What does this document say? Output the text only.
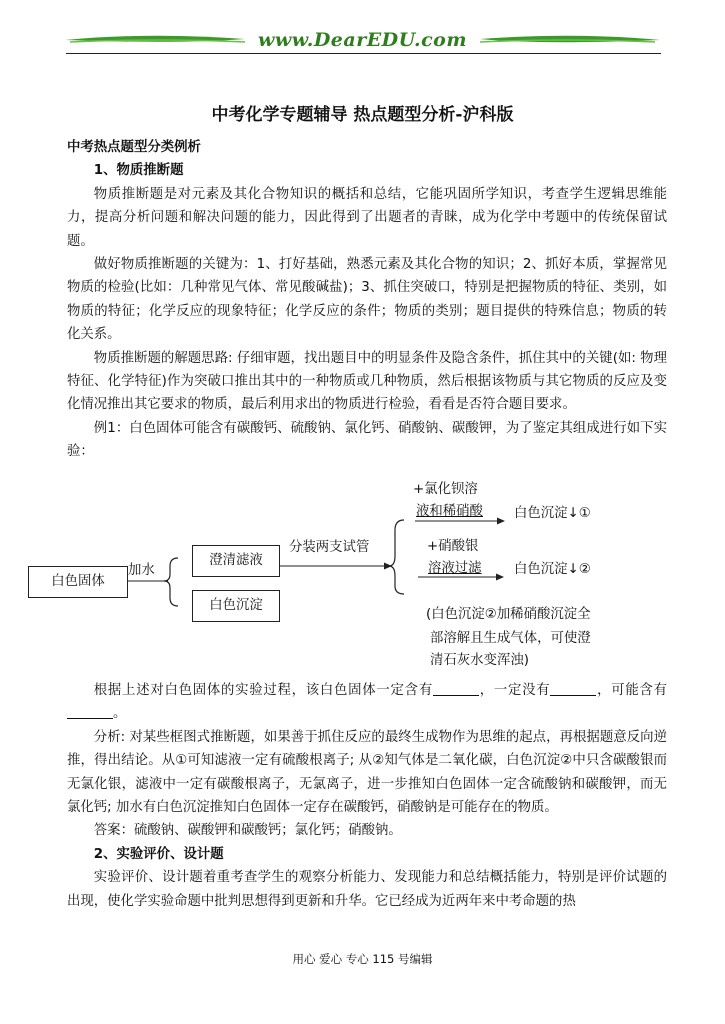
www.DearEDU.com
中考化学专题辅导 热点题型分析-沪科版

中考热点题型分类例析

1、物质推断题

物质推断题是对元素及其化合物知识的概括和总结，它能巩固所学知识，考查学生逻辑思维能力，提高分析问题和解决问题的能力，因此得到了出题者的青睐，成为化学中考题中的传统保留试题。

做好物质推断题的关键为：1、打好基础，熟悉元素及其化合物的知识；2、抓好本质，掌握常见物质的检验(比如：几种常见气体、常见酸碱盐)；3、抓住突破口，特别是把握物质的特征、类别，如物质的特征；化学反应的现象特征；化学反应的条件；物质的类别；题目提供的特殊信息；物质的转化关系。

物质推断题的解题思路: 仔细审题，找出题目中的明显条件及隐含条件，抓住其中的关键(如: 物理特征、化学特征)作为突破口推出其中的一种物质或几种物质，然后根据该物质与其它物质的反应及变化情况推出其它要求的物质，最后利用求出的物质进行检验，看看是否符合题目要求。

例1：白色固体可能含有碳酸钙、硫酸钠、氯化钙、硝酸钠、碳酸钾，为了鉴定其组成进行如下实验：

白色固体
加水
澄清滤液
白色沉淀
分装两支试管
+氯化钡溶
液和稀硝酸 白色沉淀↓①
+硝酸银
溶液过滤 白色沉淀↓②
(白色沉淀②加稀硝酸沉淀全
部溶解且生成气体，可使澄
清石灰水变浑浊)

根据上述对白色固体的实验过程，该白色固体一定含有	，一定没有	，可能含有。

分析: 对某些框图式推断题，如果善于抓住反应的最终生成物作为思维的起点，再根据题意反向逆推，得出结论。从①可知滤液一定有硫酸根离子; 从②知气体是二氧化碳，白色沉淀②中只含碳酸银而无氯化银，滤液中一定有碳酸根离子，无氯离子，进一步推知白色固体一定含硫酸钠和碳酸钾，而无氯化钙; 加水有白色沉淀推知白色固体一定存在碳酸钙，硝酸钠是可能存在的物质。

答案：硫酸钠、碳酸钾和碳酸钙；氯化钙；硝酸钠。

2、实验评价、设计题

实验评价、设计题着重考查学生的观察分析能力、发现能力和总结概括能力，特别是评价试题的出现，使化学实验命题中批判思想得到更新和升华。它已经成为近两年来中考命题的热

用心 爱心 专心 115 号编辑
